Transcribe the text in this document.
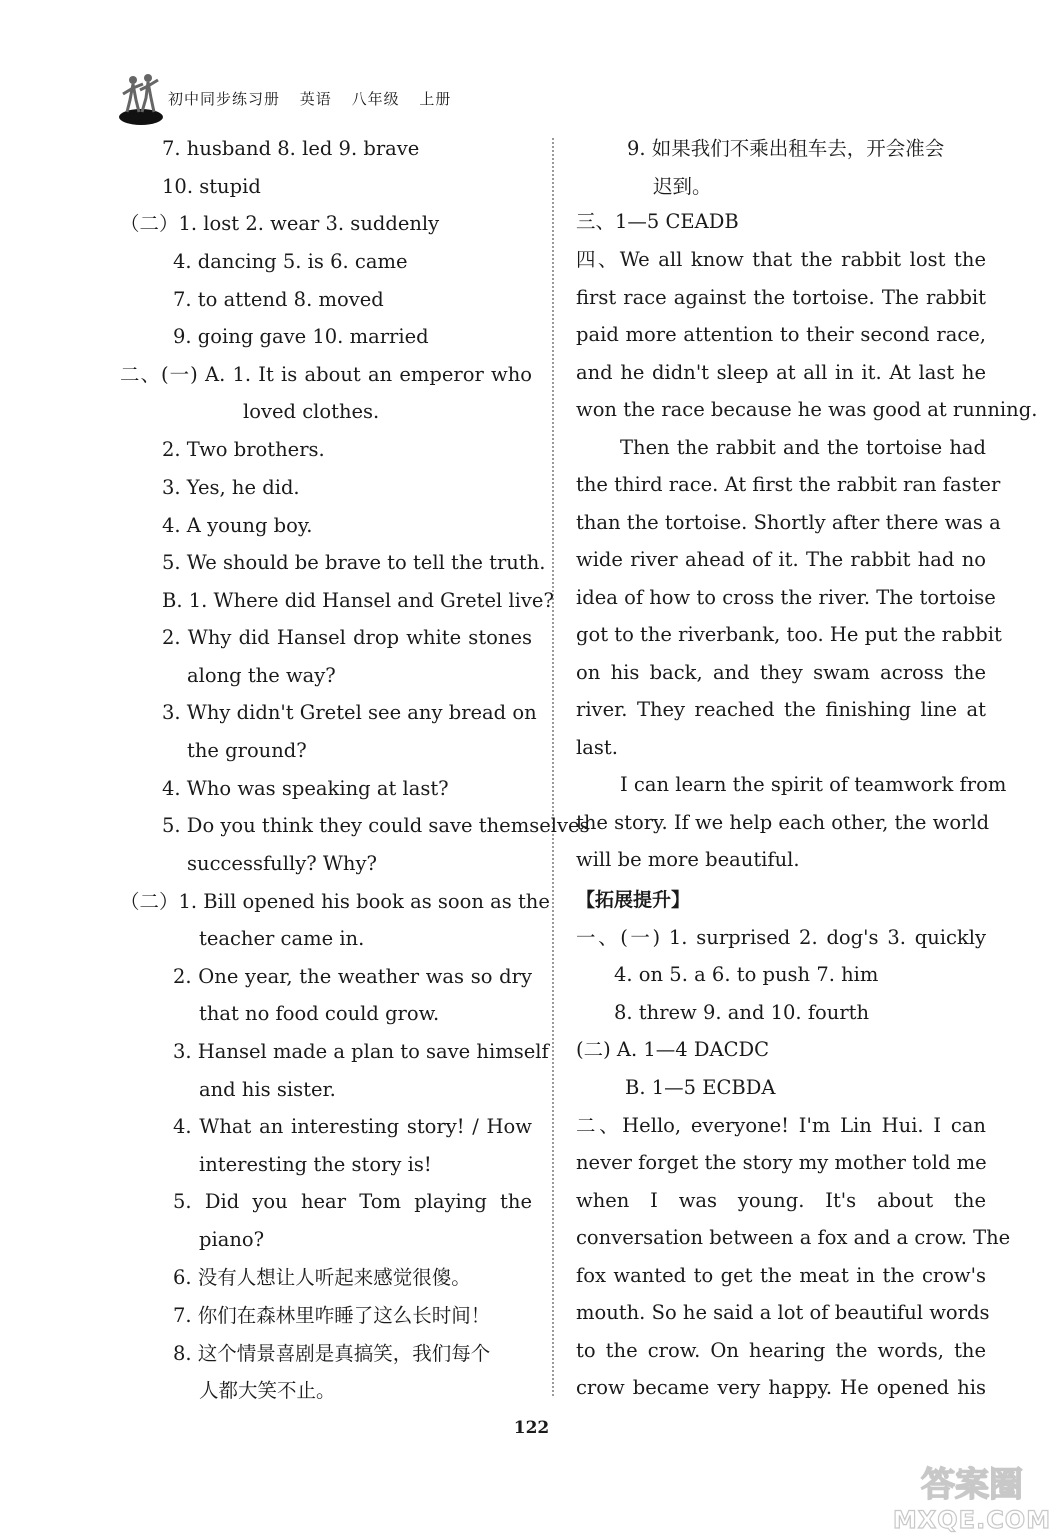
初中同步练习册 英语 八年级 上册
7. husband 8. led 9. brave
10. stupid
（二）1. lost 2. wear 3. suddenly
4. dancing 5. is 6. came
7. to attend 8. moved
9. going gave 10. married
二、(一) A. 1. It is about an emperor who
loved clothes.
2. Two brothers.
3. Yes, he did.
4. A young boy.
5. We should be brave to tell the truth.
B. 1. Where did Hansel and Gretel live?
2. Why did Hansel drop white stones
along the way?
3. Why didn't Gretel see any bread on
the ground?
4. Who was speaking at last?
5. Do you think they could save themselves
successfully? Why?
（二）1. Bill opened his book as soon as the
teacher came in.
2. One year, the weather was so dry
that no food could grow.
3. Hansel made a plan to save himself
and his sister.
4. What an interesting story! / How
interesting the story is!
5. Did you hear Tom playing the
piano?
6. 没有人想让人听起来感觉很傻。
7. 你们在森林里咋睡了这么长时间！
8. 这个情景喜剧是真搞笑，我们每个
人都大笑不止。
9. 如果我们不乘出租车去，开会准会
迟到。
三、1—5 CEADB
四、We all know that the rabbit lost the
first race against the tortoise. The rabbit
paid more attention to their second race,
and he didn't sleep at all in it. At last he
won the race because he was good at running.
Then the rabbit and the tortoise had
the third race. At first the rabbit ran faster
than the tortoise. Shortly after there was a
wide river ahead of it. The rabbit had no
idea of how to cross the river. The tortoise
got to the riverbank, too. He put the rabbit
on his back, and they swam across the
river. They reached the finishing line at
last.
I can learn the spirit of teamwork from
the story. If we help each other, the world
will be more beautiful.
【拓展提升】
一、(一) 1. surprised 2. dog's 3. quickly
4. on 5. a 6. to push 7. him
8. threw 9. and 10. fourth
(二) A. 1—4 DACDC
B. 1—5 ECBDA
二、Hello, everyone! I'm Lin Hui. I can
never forget the story my mother told me
when I was young. It's about the
conversation between a fox and a crow. The
fox wanted to get the meat in the crow's
mouth. So he said a lot of beautiful words
to the crow. On hearing the words, the
crow became very happy. He opened his
122
答案圈
MXQE.COM
